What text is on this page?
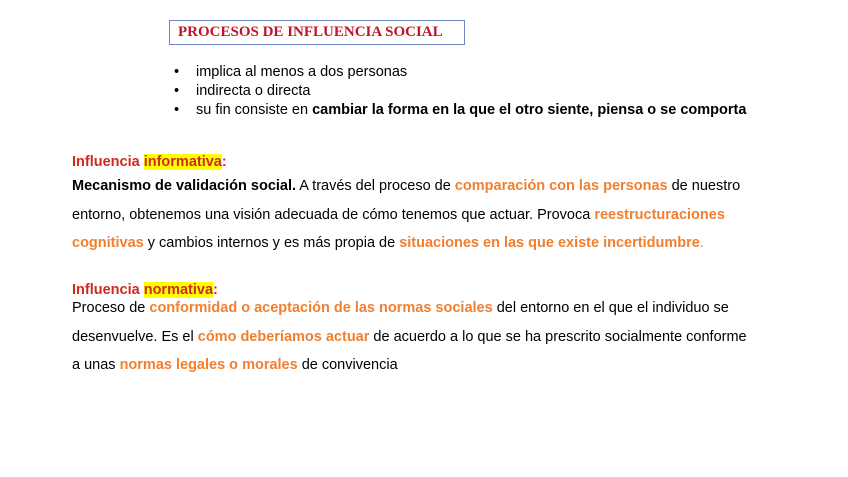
PROCESOS DE INFLUENCIA SOCIAL
• implica al menos a dos personas
• indirecta o directa
• su fin consiste en cambiar la forma en la que el otro siente, piensa o se comporta
Influencia informativa:
Mecanismo de validación social. A través del proceso de comparación con las personas de nuestro
entorno, obtenemos una visión adecuada de cómo tenemos que actuar. Provoca reestructuraciones
cognitivas y cambios internos y es más propia de situaciones en las que existe incertidumbre.
Influencia normativa:
Proceso de conformidad o aceptación de las normas sociales del entorno en el que el individuo se
desenvuelve. Es el cómo deberíamos actuar de acuerdo a lo que se ha prescrito socialmente conforme
a unas normas legales o morales de convivencia
